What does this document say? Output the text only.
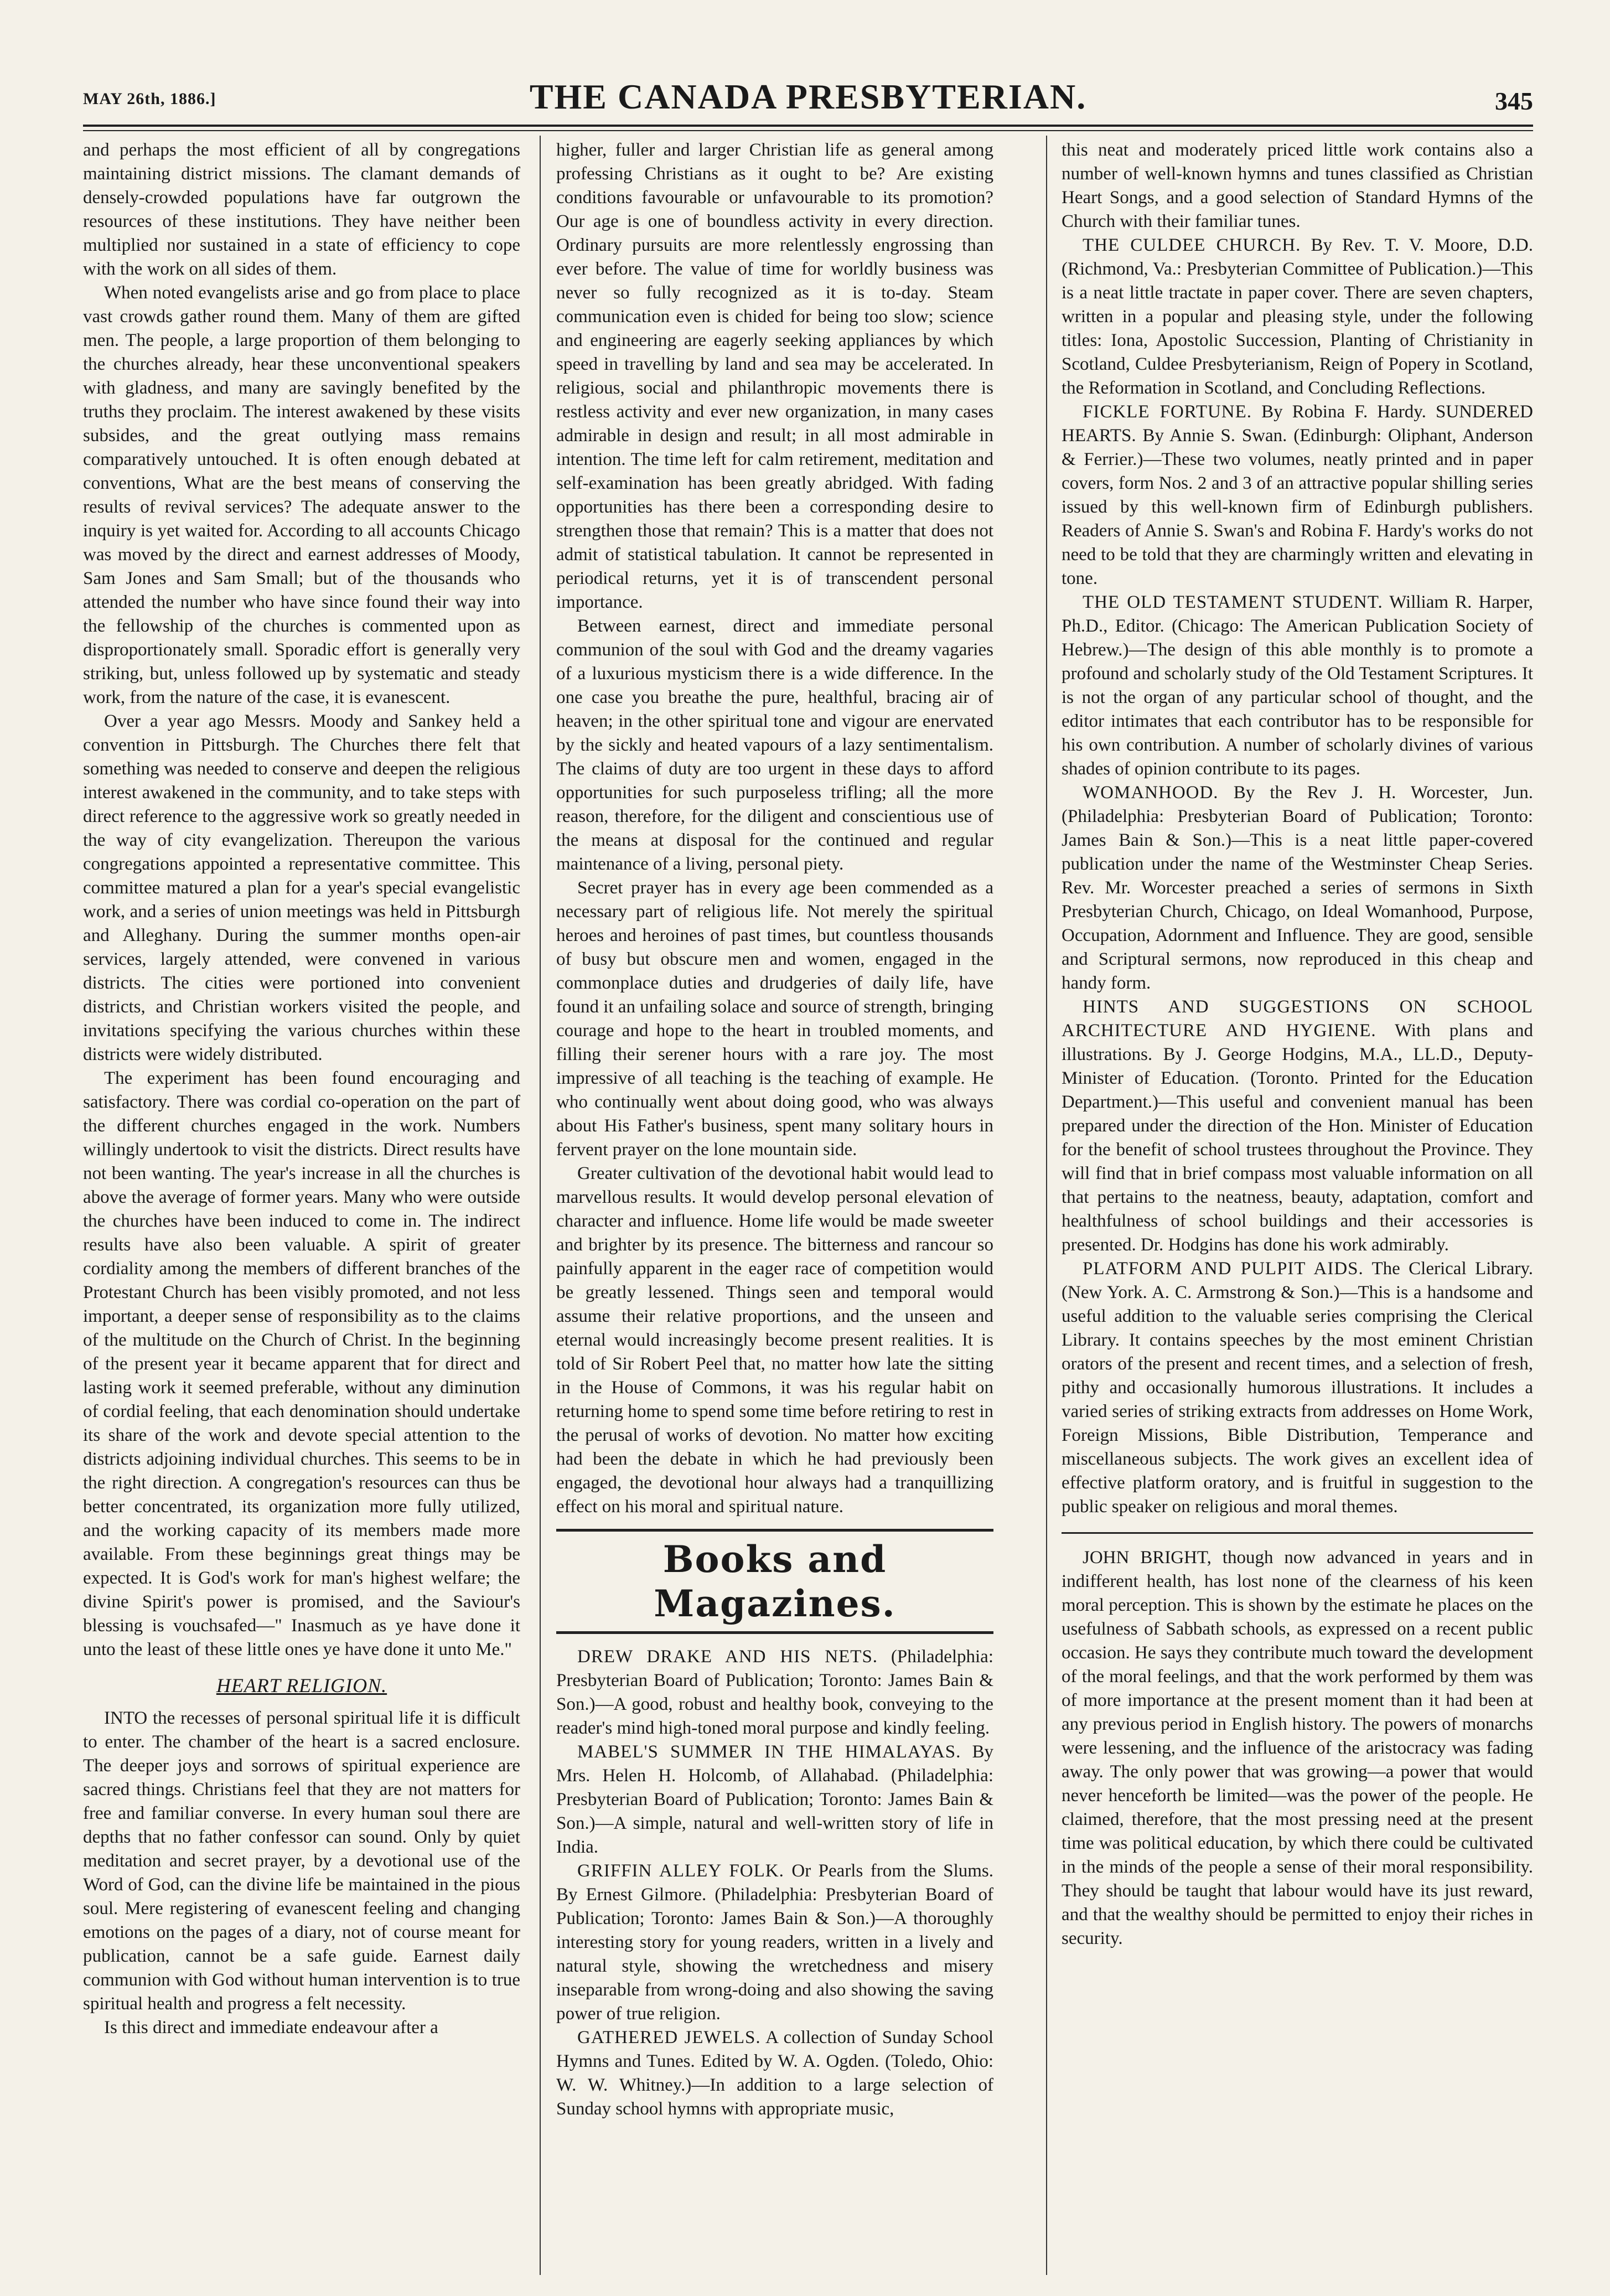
MAY 26th, 1886.]	THE CANADA PRESBYTERIAN.	345

and perhaps the most efficient of all by congregations maintaining district missions. The clamant demands of densely-crowded populations have far outgrown the resources of these institutions. They have neither been multiplied nor sustained in a state of efficiency to cope with the work on all sides of them.

When noted evangelists arise and go from place to place vast crowds gather round them. Many of them are gifted men. The people, a large proportion of them belonging to the churches already, hear these unconventional speakers with gladness, and many are savingly benefited by the truths they proclaim. The interest awakened by these visits subsides, and the great outlying mass remains comparatively untouched. It is often enough debated at conventions, What are the best means of conserving the results of revival services? The adequate answer to the inquiry is yet waited for. According to all accounts Chicago was moved by the direct and earnest addresses of Moody, Sam Jones and Sam Small; but of the thousands who attended the number who have since found their way into the fellowship of the churches is commented upon as disproportionately small. Sporadic effort is generally very striking, but, unless followed up by systematic and steady work, from the nature of the case, it is evanescent.

Over a year ago Messrs. Moody and Sankey held a convention in Pittsburgh. The Churches there felt that something was needed to conserve and deepen the religious interest awakened in the community, and to take steps with direct reference to the aggressive work so greatly needed in the way of city evangelization. Thereupon the various congregations appointed a representative committee. This committee matured a plan for a year's special evangelistic work, and a series of union meetings was held in Pittsburgh and Alleghany. During the summer months open-air services, largely attended, were convened in various districts. The cities were portioned into convenient districts, and Christian workers visited the people, and invitations specifying the various churches within these districts were widely distributed.

The experiment has been found encouraging and satisfactory. There was cordial co-operation on the part of the different churches engaged in the work. Numbers willingly undertook to visit the districts. Direct results have not been wanting. The year's increase in all the churches is above the average of former years. Many who were outside the churches have been induced to come in. The indirect results have also been valuable. A spirit of greater cordiality among the members of different branches of the Protestant Church has been visibly promoted, and not less important, a deeper sense of responsibility as to the claims of the multitude on the Church of Christ. In the beginning of the present year it became apparent that for direct and lasting work it seemed preferable, without any diminution of cordial feeling, that each denomination should undertake its share of the work and devote special attention to the districts adjoining individual churches. This seems to be in the right direction. A congregation's resources can thus be better concentrated, its organization more fully utilized, and the working capacity of its members made more available. From these beginnings great things may be expected. It is God's work for man's highest welfare; the divine Spirit's power is promised, and the Saviour's blessing is vouchsafed—" Inasmuch as ye have done it unto the least of these little ones ye have done it unto Me."

HEART RELIGION.

INTO the recesses of personal spiritual life it is difficult to enter. The chamber of the heart is a sacred enclosure. The deeper joys and sorrows of spiritual experience are sacred things. Christians feel that they are not matters for free and familiar converse. In every human soul there are depths that no father confessor can sound. Only by quiet meditation and secret prayer, by a devotional use of the Word of God, can the divine life be maintained in the pious soul. Mere registering of evanescent feeling and changing emotions on the pages of a diary, not of course meant for publication, cannot be a safe guide. Earnest daily communion with God without human intervention is to true spiritual health and progress a felt necessity.

Is this direct and immediate endeavour after a

higher, fuller and larger Christian life as general among professing Christians as it ought to be? Are existing conditions favourable or unfavourable to its promotion? Our age is one of boundless activity in every direction. Ordinary pursuits are more relentlessly engrossing than ever before. The value of time for worldly business was never so fully recognized as it is to-day. Steam communication even is chided for being too slow; science and engineering are eagerly seeking appliances by which speed in travelling by land and sea may be accelerated. In religious, social and philanthropic movements there is restless activity and ever new organization, in many cases admirable in design and result; in all most admirable in intention. The time left for calm retirement, meditation and self-examination has been greatly abridged. With fading opportunities has there been a corresponding desire to strengthen those that remain? This is a matter that does not admit of statistical tabulation. It cannot be represented in periodical returns, yet it is of transcendent personal importance.

Between earnest, direct and immediate personal communion of the soul with God and the dreamy vagaries of a luxurious mysticism there is a wide difference. In the one case you breathe the pure, healthful, bracing air of heaven; in the other spiritual tone and vigour are enervated by the sickly and heated vapours of a lazy sentimentalism. The claims of duty are too urgent in these days to afford opportunities for such purposeless trifling; all the more reason, therefore, for the diligent and conscientious use of the means at disposal for the continued and regular maintenance of a living, personal piety.

Secret prayer has in every age been commended as a necessary part of religious life. Not merely the spiritual heroes and heroines of past times, but countless thousands of busy but obscure men and women, engaged in the commonplace duties and drudgeries of daily life, have found it an unfailing solace and source of strength, bringing courage and hope to the heart in troubled moments, and filling their serener hours with a rare joy. The most impressive of all teaching is the teaching of example. He who continually went about doing good, who was always about His Father's business, spent many solitary hours in fervent prayer on the lone mountain side.

Greater cultivation of the devotional habit would lead to marvellous results. It would develop personal elevation of character and influence. Home life would be made sweeter and brighter by its presence. The bitterness and rancour so painfully apparent in the eager race of competition would be greatly lessened. Things seen and temporal would assume their relative proportions, and the unseen and eternal would increasingly become present realities. It is told of Sir Robert Peel that, no matter how late the sitting in the House of Commons, it was his regular habit on returning home to spend some time before retiring to rest in the perusal of works of devotion. No matter how exciting had been the debate in which he had previously been engaged, the devotional hour always had a tranquillizing effect on his moral and spiritual nature.

Books and Magazines.

DREW DRAKE AND HIS NETS. (Philadelphia: Presbyterian Board of Publication; Toronto: James Bain & Son.)—A good, robust and healthy book, conveying to the reader's mind high-toned moral purpose and kindly feeling.

MABEL'S SUMMER IN THE HIMALAYAS. By Mrs. Helen H. Holcomb, of Allahabad. (Philadelphia: Presbyterian Board of Publication; Toronto: James Bain & Son.)—A simple, natural and well-written story of life in India.

GRIFFIN ALLEY FOLK. Or Pearls from the Slums. By Ernest Gilmore. (Philadelphia: Presbyterian Board of Publication; Toronto: James Bain & Son.)—A thoroughly interesting story for young readers, written in a lively and natural style, showing the wretchedness and misery inseparable from wrong-doing and also showing the saving power of true religion.

GATHERED JEWELS. A collection of Sunday School Hymns and Tunes. Edited by W. A. Ogden. (Toledo, Ohio: W. W. Whitney.)—In addition to a large selection of Sunday school hymns with appropriate music,

this neat and moderately priced little work contains also a number of well-known hymns and tunes classified as Christian Heart Songs, and a good selection of Standard Hymns of the Church with their familiar tunes.

THE CULDEE CHURCH. By Rev. T. V. Moore, D.D. (Richmond, Va.: Presbyterian Committee of Publication.)—This is a neat little tractate in paper cover. There are seven chapters, written in a popular and pleasing style, under the following titles: Iona, Apostolic Succession, Planting of Christianity in Scotland, Culdee Presbyterianism, Reign of Popery in Scotland, the Reformation in Scotland, and Concluding Reflections.

FICKLE FORTUNE. By Robina F. Hardy. SUNDERED HEARTS. By Annie S. Swan. (Edinburgh: Oliphant, Anderson & Ferrier.)—These two volumes, neatly printed and in paper covers, form Nos. 2 and 3 of an attractive popular shilling series issued by this well-known firm of Edinburgh publishers. Readers of Annie S. Swan's and Robina F. Hardy's works do not need to be told that they are charmingly written and elevating in tone.

THE OLD TESTAMENT STUDENT. William R. Harper, Ph.D., Editor. (Chicago: The American Publication Society of Hebrew.)—The design of this able monthly is to promote a profound and scholarly study of the Old Testament Scriptures. It is not the organ of any particular school of thought, and the editor intimates that each contributor has to be responsible for his own contribution. A number of scholarly divines of various shades of opinion contribute to its pages.

WOMANHOOD. By the Rev J. H. Worcester, Jun. (Philadelphia: Presbyterian Board of Publication; Toronto: James Bain & Son.)—This is a neat little paper-covered publication under the name of the Westminster Cheap Series. Rev. Mr. Worcester preached a series of sermons in Sixth Presbyterian Church, Chicago, on Ideal Womanhood, Purpose, Occupation, Adornment and Influence. They are good, sensible and Scriptural sermons, now reproduced in this cheap and handy form.

HINTS AND SUGGESTIONS ON SCHOOL ARCHITECTURE AND HYGIENE. With plans and illustrations. By J. George Hodgins, M.A., LL.D., Deputy-Minister of Education. (Toronto. Printed for the Education Department.)—This useful and convenient manual has been prepared under the direction of the Hon. Minister of Education for the benefit of school trustees throughout the Province. They will find that in brief compass most valuable information on all that pertains to the neatness, beauty, adaptation, comfort and healthfulness of school buildings and their accessories is presented. Dr. Hodgins has done his work admirably.

PLATFORM AND PULPIT AIDS. The Clerical Library. (New York. A. C. Armstrong & Son.)—This is a handsome and useful addition to the valuable series comprising the Clerical Library. It contains speeches by the most eminent Christian orators of the present and recent times, and a selection of fresh, pithy and occasionally humorous illustrations. It includes a varied series of striking extracts from addresses on Home Work, Foreign Missions, Bible Distribution, Temperance and miscellaneous subjects. The work gives an excellent idea of effective platform oratory, and is fruitful in suggestion to the public speaker on religious and moral themes.

JOHN BRIGHT, though now advanced in years and in indifferent health, has lost none of the clearness of his keen moral perception. This is shown by the estimate he places on the usefulness of Sabbath schools, as expressed on a recent public occasion. He says they contribute much toward the development of the moral feelings, and that the work performed by them was of more importance at the present moment than it had been at any previous period in English history. The powers of monarchs were lessening, and the influence of the aristocracy was fading away. The only power that was growing—a power that would never henceforth be limited—was the power of the people. He claimed, therefore, that the most pressing need at the present time was political education, by which there could be cultivated in the minds of the people a sense of their moral responsibility. They should be taught that labour would have its just reward, and that the wealthy should be permitted to enjoy their riches in security.
